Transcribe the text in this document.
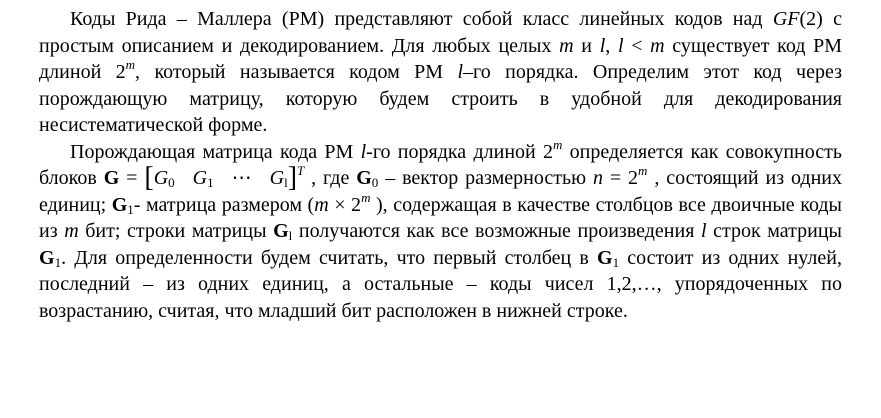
Коды Рида – Маллера (РМ) представляют собой класс линейных кодов над GF(2) с простым описанием и декодированием. Для любых целых m и l, l < m существует код РМ длиной 2$^m$, который называется кодом РМ l–го порядка. Определим этот код через порождающую матрицу, которую будем строить в удобной для декодирования несистематической форме.

Порождающая матрица кода РМ l-го порядка длиной 2$^m$ определяется как совокупность блоков $G = [G_0$ $G_1$ ⋯ $G_l]^T$ , где $G_0$ – вектор размерностью $n = 2^m$ , состоящий из одних единиц; $G_1-$ матрица размером ($m \times 2^m$ ), содержащая в качестве столбцов все двоичные коды из m бит; строки матрицы $G_l$ получаются как все возможные произведения l строк матрицы $G_1$. Для определенности будем считать, что первый столбец в $G_1$ состоит из одних нулей, последний – из одних единиц, а остальные – коды чисел 1,2,…, упорядоченных по возрастанию, считая, что младший бит расположен в нижней строке.
